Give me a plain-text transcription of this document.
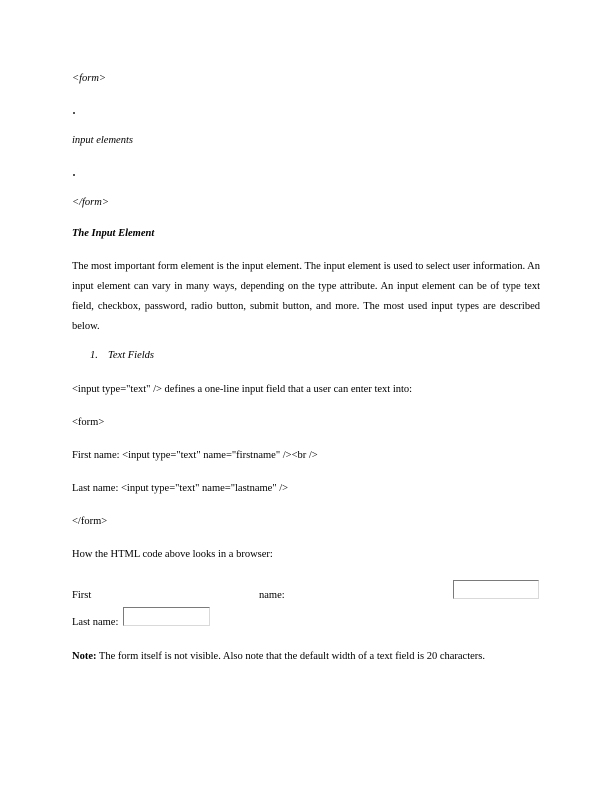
<form>
input elements
</form>
The Input Element
The most important form element is the input element. The input element is used to select user information. An input element can vary in many ways, depending on the type attribute. An input element can be of type text field, checkbox, password, radio button, submit button, and more. The most used input types are described below.
1. Text Fields
<input type="text" /> defines a one-line input field that a user can enter text into:
<form>
First name: <input type="text" name="firstname" /><br />
Last name: <input type="text" name="lastname" />
</form>
How the HTML code above looks in a browser:
First	name:
Last name:
Note: The form itself is not visible. Also note that the default width of a text field is 20 characters.
